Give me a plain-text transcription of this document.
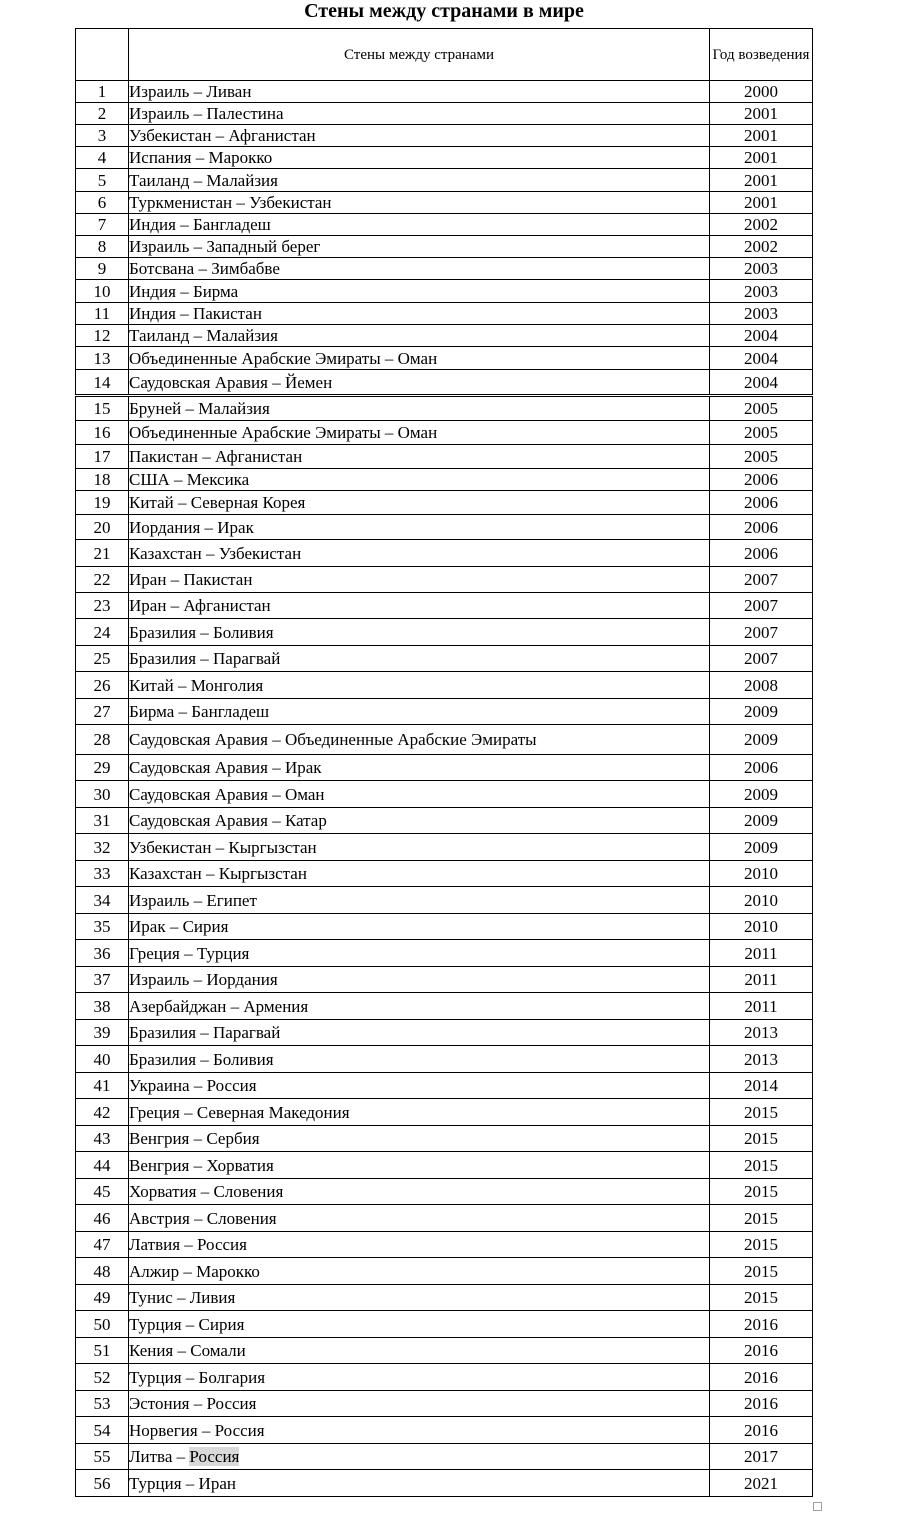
Стены между странами в мире
	Стены между странами	Год возведения
1	Израиль – Ливан	2000
2	Израиль – Палестина	2001
3	Узбекистан – Афганистан	2001
4	Испания – Марокко	2001
5	Таиланд – Малайзия	2001
6	Туркменистан – Узбекистан	2001
7	Индия – Бангладеш	2002
8	Израиль – Западный берег	2002
9	Ботсвана – Зимбабве	2003
10	Индия – Бирма	2003
11	Индия – Пакистан	2003
12	Таиланд – Малайзия	2004
13	Объединенные Арабские Эмираты – Оман	2004
14	Саудовская Аравия – Йемен	2004
15	Бруней – Малайзия	2005
16	Объединенные Арабские Эмираты – Оман	2005
17	Пакистан – Афганистан	2005
18	США – Мексика	2006
19	Китай – Северная Корея	2006
20	Иордания – Ирак	2006
21	Казахстан – Узбекистан	2006
22	Иран – Пакистан	2007
23	Иран – Афганистан	2007
24	Бразилия – Боливия	2007
25	Бразилия – Парагвай	2007
26	Китай – Монголия	2008
27	Бирма – Бангладеш	2009
28	Саудовская Аравия – Объединенные Арабские Эмираты	2009
29	Саудовская Аравия – Ирак	2006
30	Саудовская Аравия – Оман	2009
31	Саудовская Аравия – Катар	2009
32	Узбекистан – Кыргызстан	2009
33	Казахстан – Кыргызстан	2010
34	Израиль – Египет	2010
35	Ирак – Сирия	2010
36	Греция – Турция	2011
37	Израиль – Иордания	2011
38	Азербайджан – Армения	2011
39	Бразилия – Парагвай	2013
40	Бразилия – Боливия	2013
41	Украина – Россия	2014
42	Греция – Северная Македония	2015
43	Венгрия – Сербия	2015
44	Венгрия – Хорватия	2015
45	Хорватия – Словения	2015
46	Австрия – Словения	2015
47	Латвия – Россия	2015
48	Алжир – Марокко	2015
49	Тунис – Ливия	2015
50	Турция – Сирия	2016
51	Кения – Сомали	2016
52	Турция – Болгария	2016
53	Эстония – Россия	2016
54	Норвегия – Россия	2016
55	Литва – Россия	2017
56	Турция – Иран	2021
